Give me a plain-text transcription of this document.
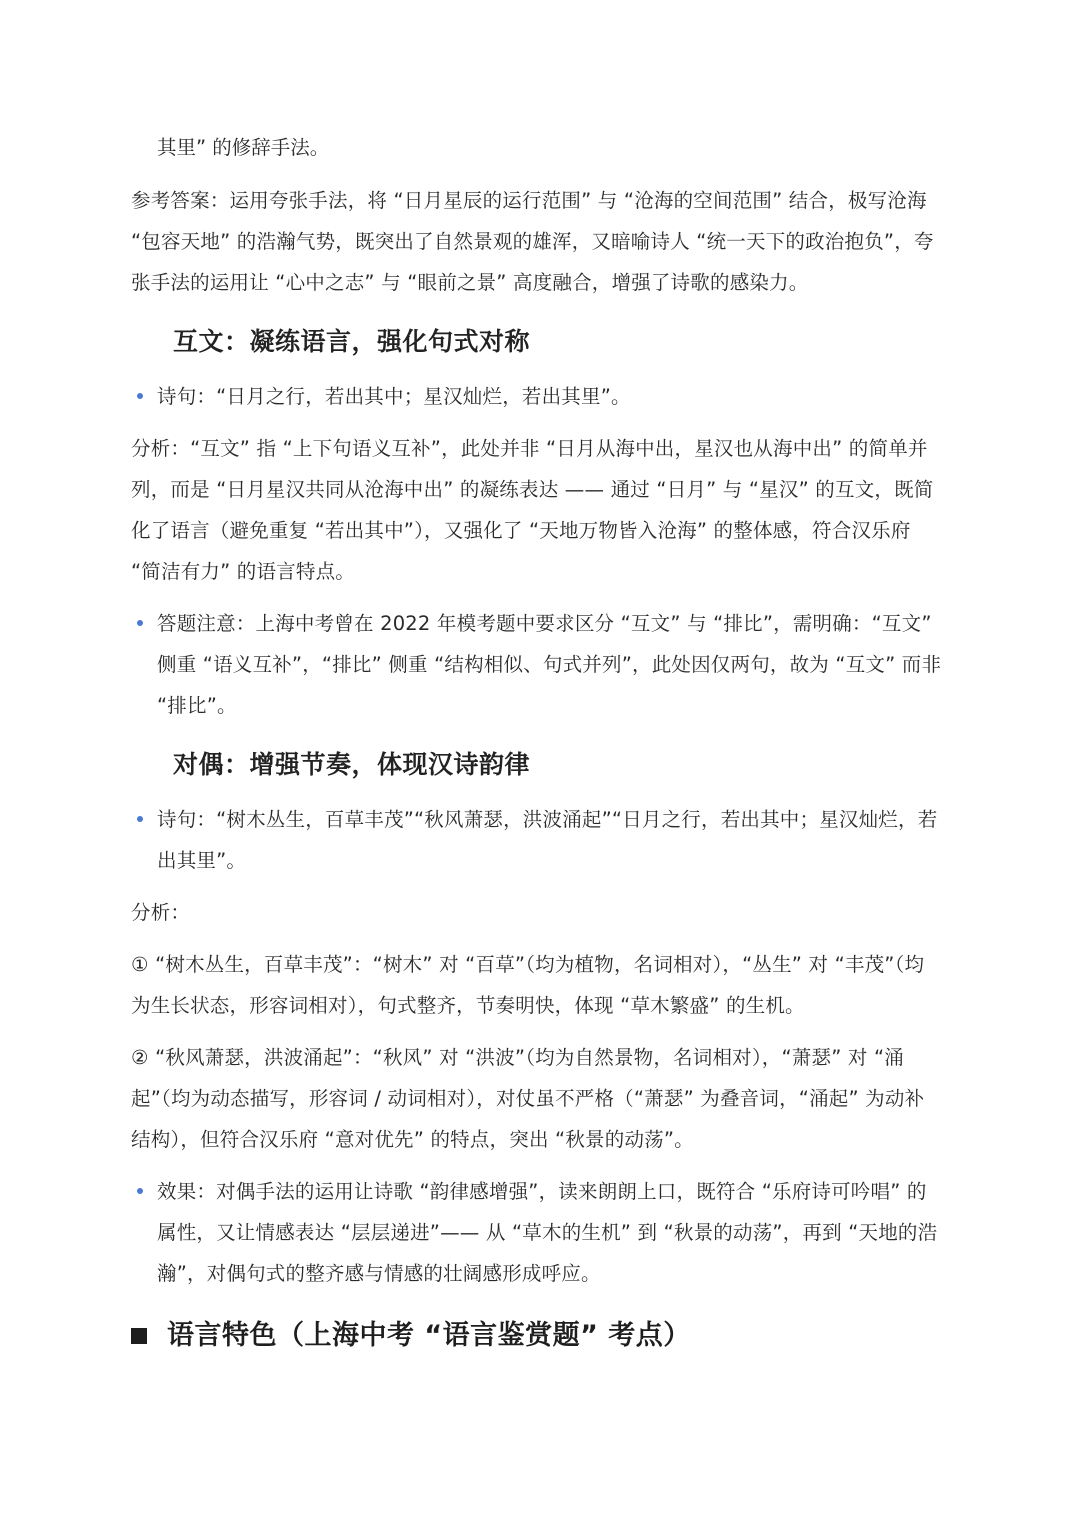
其里” 的修辞手法。

参考答案：运用夸张手法，将 “日月星辰的运行范围” 与 “沧海的空间范围” 结合，极写沧海 “包容天地” 的浩瀚气势，既突出了自然景观的雄浑，又暗喻诗人 “统一天下的政治抱负”，夸张手法的运用让 “心中之志” 与 “眼前之景” 高度融合，增强了诗歌的感染力。

互文：凝练语言，强化句式对称
诗句：“日月之行，若出其中；星汉灿烂，若出其里”。

分析：“互文” 指 “上下句语义互补”，此处并非 “日月从海中出，星汉也从海中出” 的简单并列，而是 “日月星汉共同从沧海中出” 的凝练表达 —— 通过 “日月” 与 “星汉” 的互文，既简化了语言（避免重复 “若出其中”），又强化了 “天地万物皆入沧海” 的整体感，符合汉乐府 “简洁有力” 的语言特点。

答题注意：上海中考曾在 2022 年模考题中要求区分 “互文” 与 “排比”，需明确：“互文” 侧重 “语义互补”，“排比” 侧重 “结构相似、句式并列”，此处因仅两句，故为 “互文” 而非 “排比”。
对偶：增强节奏，体现汉诗韵律
诗句：“树木丛生，百草丰茂”“秋风萧瑟，洪波涌起”“日月之行，若出其中；星汉灿烂，若出其里”。

分析：

① “树木丛生，百草丰茂”：“树木” 对 “百草”（均为植物，名词相对），“丛生” 对 “丰茂”（均为生长状态，形容词相对），句式整齐，节奏明快，体现 “草木繁盛” 的生机。

② “秋风萧瑟，洪波涌起”：“秋风” 对 “洪波”（均为自然景物，名词相对），“萧瑟” 对 “涌起”（均为动态描写，形容词 / 动词相对），对仗虽不严格（“萧瑟” 为叠音词，“涌起” 为动补结构），但符合汉乐府 “意对优先” 的特点，突出 “秋景的动荡”。

效果：对偶手法的运用让诗歌 “韵律感增强”，读来朗朗上口，既符合 “乐府诗可吟唱” 的属性，又让情感表达 “层层递进”—— 从 “草木的生机” 到 “秋景的动荡”，再到 “天地的浩瀚”，对偶句式的整齐感与情感的壮阔感形成呼应。
语言特色（上海中考 “语言鉴赏题” 考点）
